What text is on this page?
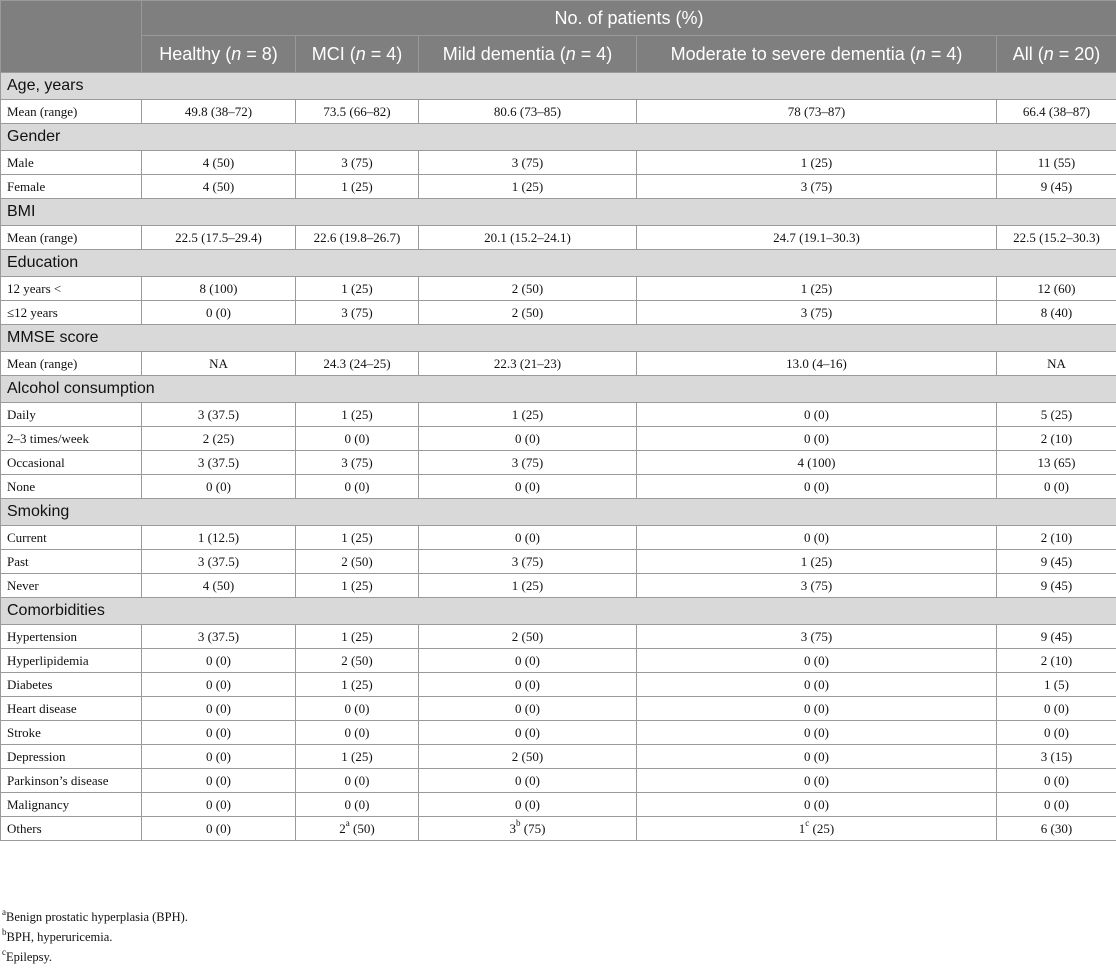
	No. of patients (%)				
	Healthy (n = 8)	MCI (n = 4)	Mild dementia (n = 4)	Moderate to severe dementia (n = 4)	All (n = 20)
Age, years					
Mean (range)	49.8 (38–72)	73.5 (66–82)	80.6 (73–85)	78 (73–87)	66.4 (38–87)
Gender					
Male	4 (50)	3 (75)	3 (75)	1 (25)	11 (55)
Female	4 (50)	1 (25)	1 (25)	3 (75)	9 (45)
BMI					
Mean (range)	22.5 (17.5–29.4)	22.6 (19.8–26.7)	20.1 (15.2–24.1)	24.7 (19.1–30.3)	22.5 (15.2–30.3)
Education					
12 years <	8 (100)	1 (25)	2 (50)	1 (25)	12 (60)
≤12 years	0 (0)	3 (75)	2 (50)	3 (75)	8 (40)
MMSE score					
Mean (range)	NA	24.3 (24–25)	22.3 (21–23)	13.0 (4–16)	NA
Alcohol consumption					
Daily	3 (37.5)	1 (25)	1 (25)	0 (0)	5 (25)
2–3 times/week	2 (25)	0 (0)	0 (0)	0 (0)	2 (10)
Occasional	3 (37.5)	3 (75)	3 (75)	4 (100)	13 (65)
None	0 (0)	0 (0)	0 (0)	0 (0)	0 (0)
Smoking					
Current	1 (12.5)	1 (25)	0 (0)	0 (0)	2 (10)
Past	3 (37.5)	2 (50)	3 (75)	1 (25)	9 (45)
Never	4 (50)	1 (25)	1 (25)	3 (75)	9 (45)
Comorbidities					
Hypertension	3 (37.5)	1 (25)	2 (50)	3 (75)	9 (45)
Hyperlipidemia	0 (0)	2 (50)	0 (0)	0 (0)	2 (10)
Diabetes	0 (0)	1 (25)	0 (0)	0 (0)	1 (5)
Heart disease	0 (0)	0 (0)	0 (0)	0 (0)	0 (0)
Stroke	0 (0)	0 (0)	0 (0)	0 (0)	0 (0)
Depression	0 (0)	1 (25)	2 (50)	0 (0)	3 (15)
Parkinson’s disease	0 (0)	0 (0)	0 (0)	0 (0)	0 (0)
Malignancy	0 (0)	0 (0)	0 (0)	0 (0)	0 (0)
Others	0 (0)	2$^a$ (50)	3$^b$ (75)	1$^c$ (25)	6 (30)
$^a$Benign prostatic hyperplasia (BPH).
$^b$BPH, hyperuricemia.
$^c$Epilepsy.
